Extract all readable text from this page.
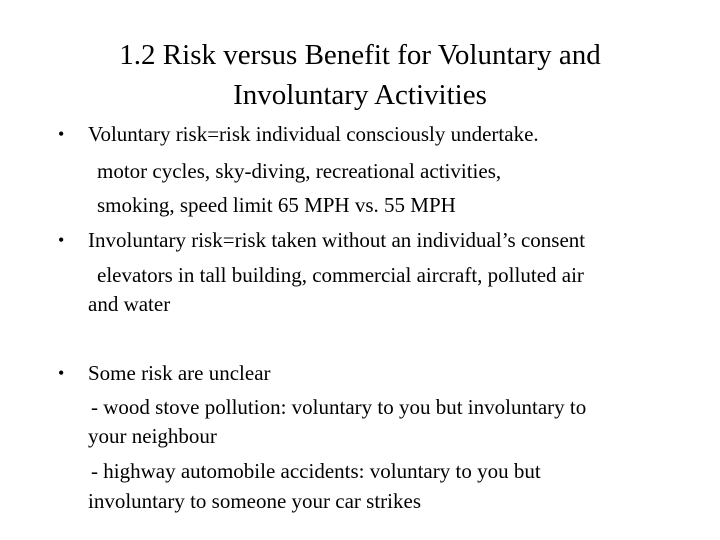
1.2 Risk versus Benefit for Voluntary and
Involuntary Activities
• Voluntary risk=risk individual consciously undertake.
motor cycles, sky-diving, recreational activities,
smoking, speed limit 65 MPH vs. 55 MPH
• Involuntary risk=risk taken without an individual’s consent
elevators in tall building, commercial aircraft, polluted air
and water
• Some risk are unclear
- wood stove pollution: voluntary to you but involuntary to
your neighbour
- highway automobile accidents: voluntary to you but
involuntary to someone your car strikes
